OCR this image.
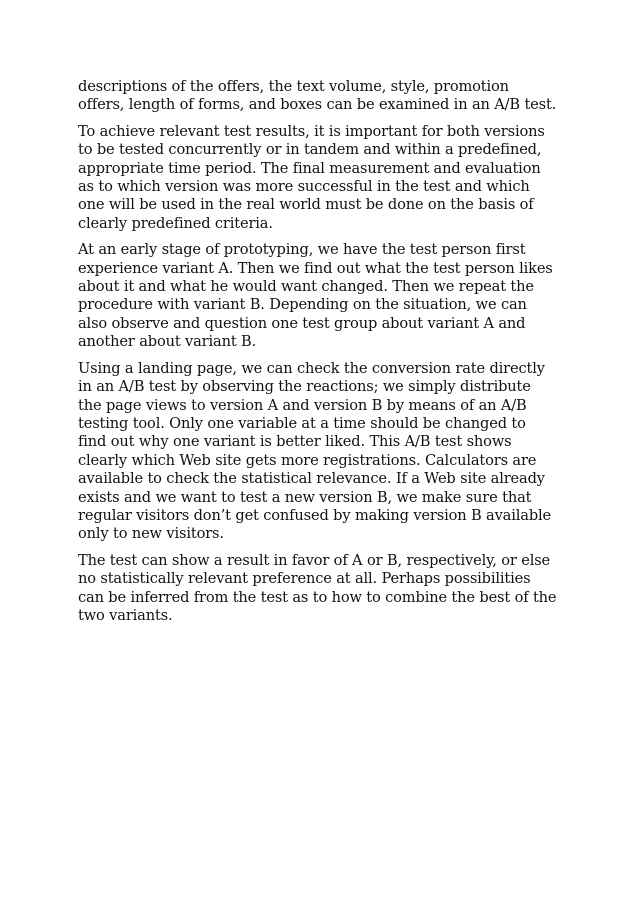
descriptions of the offers, the text volume, style, promotion offers, length of forms, and boxes can be examined in an A/B test.

To achieve relevant test results, it is important for both versions to be tested concurrently or in tandem and within a predefined, appropriate time period. The final measurement and evaluation as to which version was more successful in the test and which one will be used in the real world must be done on the basis of clearly predefined criteria.

At an early stage of prototyping, we have the test person first experience variant A. Then we find out what the test person likes about it and what he would want changed. Then we repeat the procedure with variant B. Depending on the situation, we can also observe and question one test group about variant A and another about variant B.

Using a landing page, we can check the conversion rate directly in an A/B test by observing the reactions; we simply distribute the page views to version A and version B by means of an A/B testing tool. Only one variable at a time should be changed to find out why one variant is better liked. This A/B test shows clearly which Web site gets more registrations. Calculators are available to check the statistical relevance. If a Web site already exists and we want to test a new version B, we make sure that regular visitors don’t get confused by making version B available only to new visitors.

The test can show a result in favor of A or B, respectively, or else no statistically relevant preference at all. Perhaps possibilities can be inferred from the test as to how to combine the best of the two variants.
